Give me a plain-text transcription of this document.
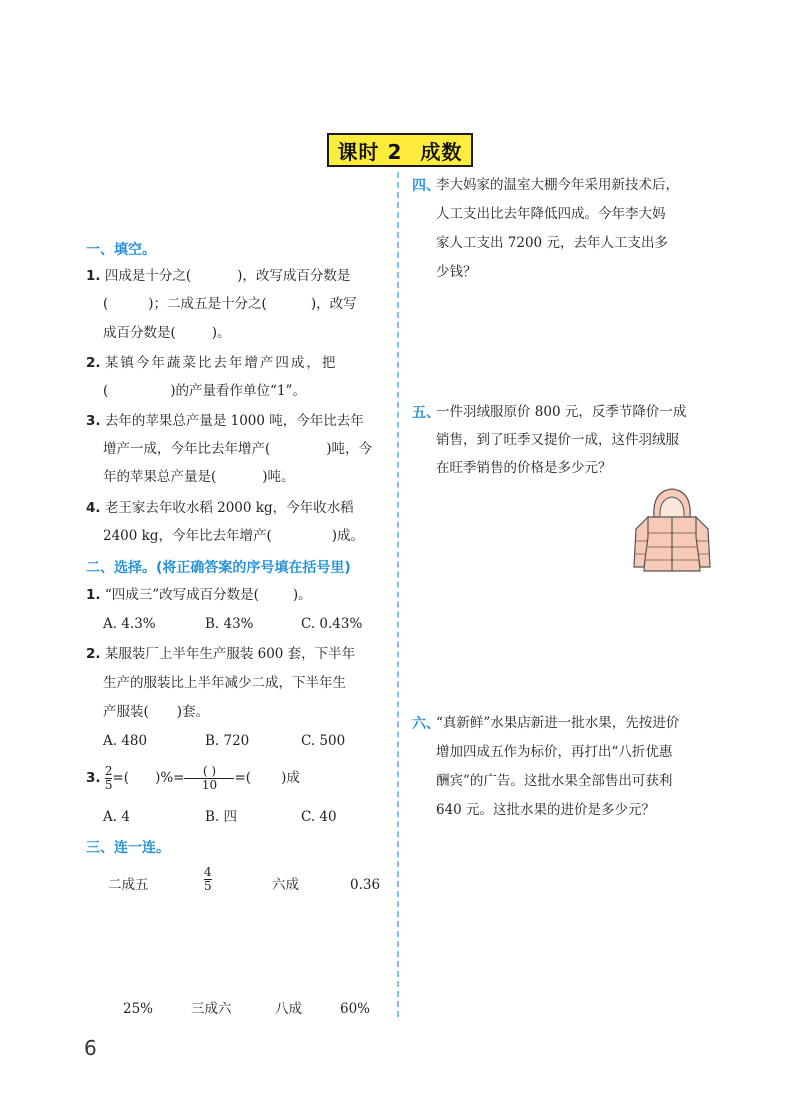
课时 2 成数
一、填空。
1. 四成是十分之(	)，改写成百分数是
(	)；二成五是十分之(	)，改写
成百分数是(	)。
2. 某镇今年蔬菜比去年增产四成，把
(	)的产量看作单位“1”。
3. 去年的苹果总产量是 1000 吨，今年比去年
增产一成，今年比去年增产(	)吨，今
年的苹果总产量是(	)吨。
4. 老王家去年收水稻 2000 kg，今年收水稻
2400 kg，今年比去年增产(	)成。
二、选择。(将正确答案的序号填在括号里)
1. “四成三”改写成百分数是(	)。
A. 4.3%	B. 43%	C. 0.43%
2. 某服装厂上半年生产服装 600 套，下半年
生产的服装比上半年减少二成，下半年生
产服装( )套。
A. 480	B. 720	C. 500
3. $\frac{2}{5}$ =( )%= $\frac{( )}{10}$ =( )成
A. 4	B. 四	C. 40
三、连一连。
二成五	$\frac{4}{5}$	六成	0.36
25%	三成六	八成	60%
四、
李大妈家的温室大棚今年采用新技术后，
人工支出比去年降低四成。今年李大妈
家人工支出 7200 元，去年人工支出多
少钱？
五、
一件羽绒服原价 800 元，反季节降价一成
销售，到了旺季又提价一成，这件羽绒服
在旺季销售的价格是多少元？
六、
“真新鲜”水果店新进一批水果，先按进价
增加四成五作为标价，再打出“八折优惠
酬宾”的广告。这批水果全部售出可获利
640 元。这批水果的进价是多少元？
6
